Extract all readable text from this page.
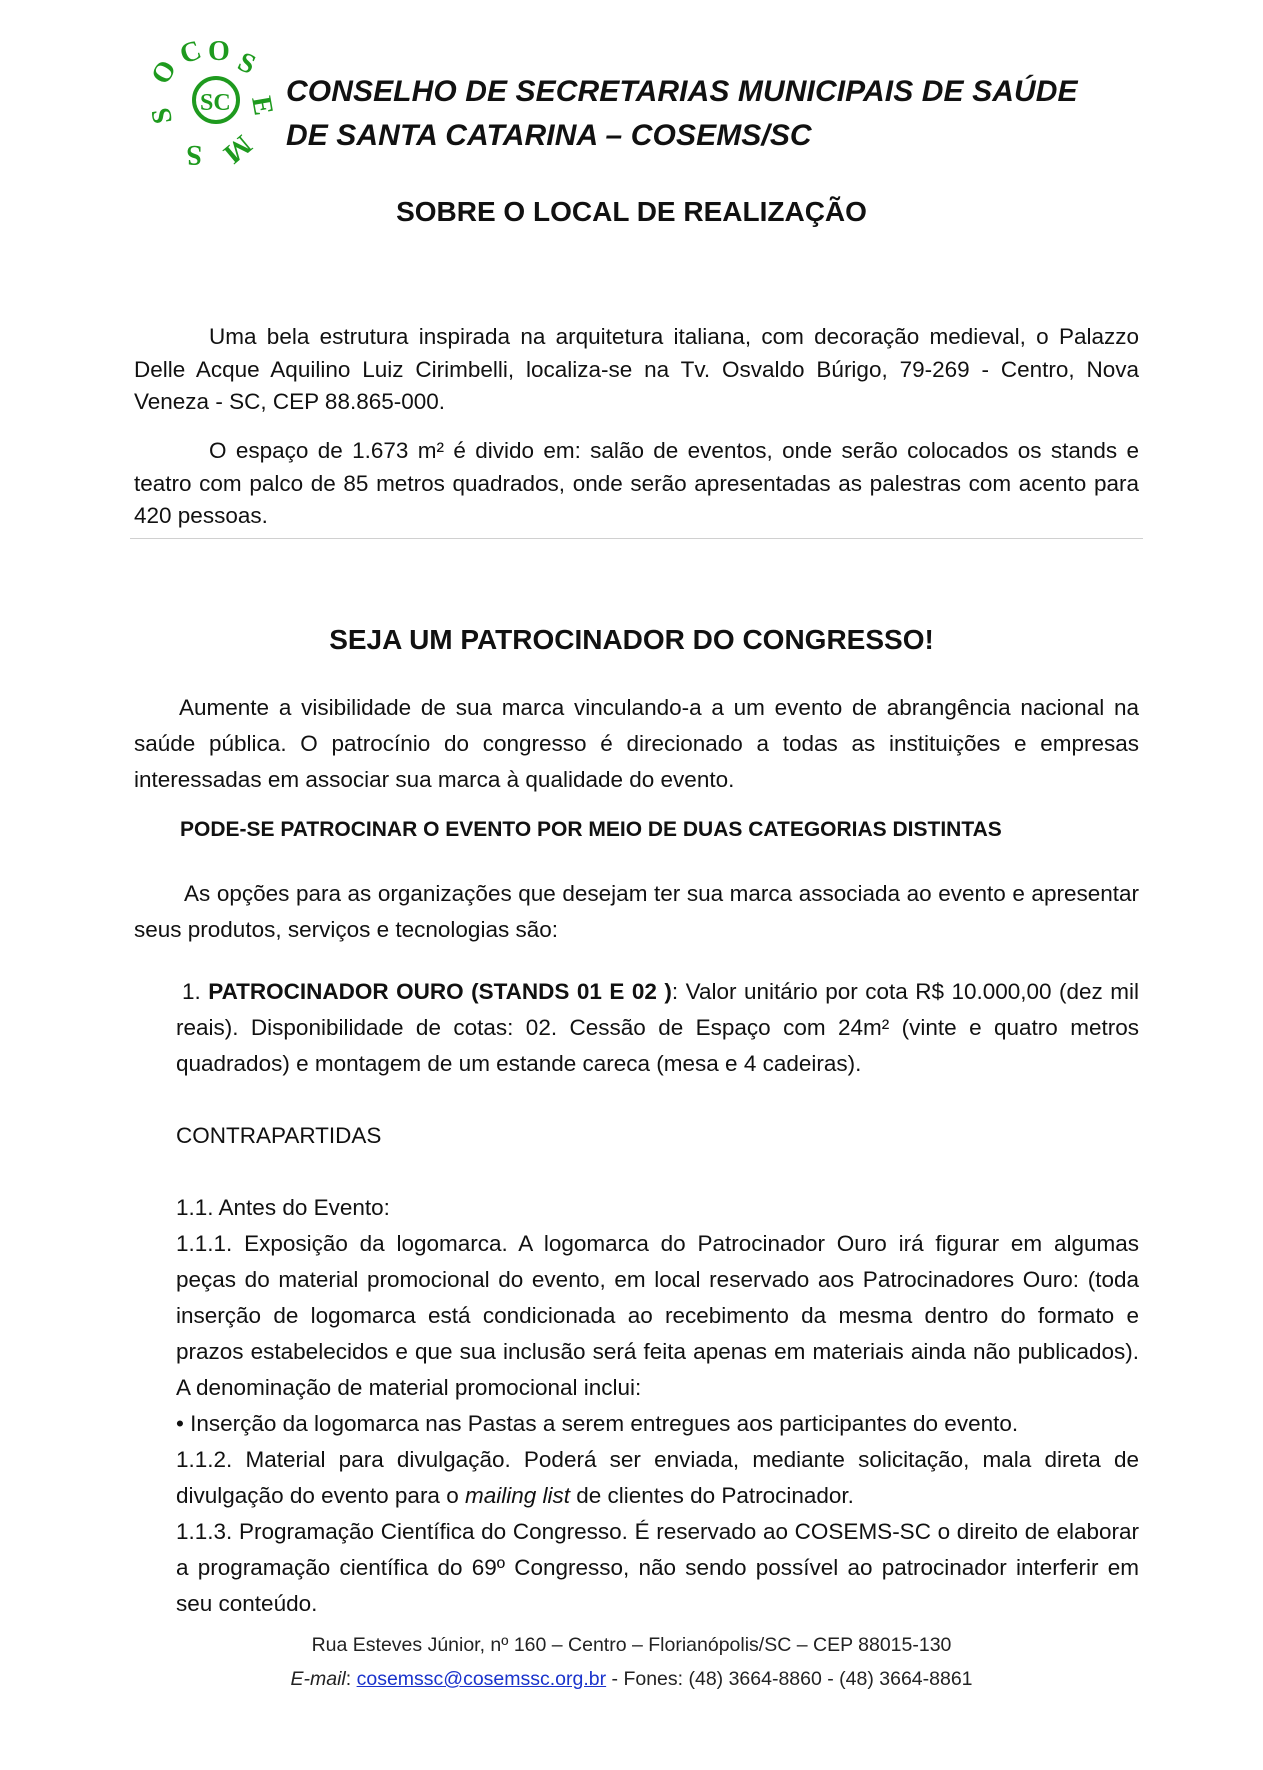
C O S
E
M
S
S
O
SC CONSELHO DE SECRETARIAS MUNICIPAIS DE SAÚDE
DE SANTA CATARINA – COSEMS/SC
SOBRE O LOCAL DE REALIZAÇÃO
Uma bela estrutura inspirada na arquitetura italiana, com decoração medieval, o Palazzo Delle Acque Aquilino Luiz Cirimbelli, localiza-se na Tv. Osvaldo Búrigo, 79-269 - Centro, Nova Veneza - SC, CEP 88.865-000.
O espaço de 1.673 m² é divido em: salão de eventos, onde serão colocados os stands e teatro com palco de 85 metros quadrados, onde serão apresentadas as palestras com acento para 420 pessoas.
SEJA UM PATROCINADOR DO CONGRESSO!
Aumente a visibilidade de sua marca vinculando-a a um evento de abrangência nacional na saúde pública. O patrocínio do congresso é direcionado a todas as instituições e empresas interessadas em associar sua marca à qualidade do evento.
PODE-SE PATROCINAR O EVENTO POR MEIO DE DUAS CATEGORIAS DISTINTAS
As opções para as organizações que desejam ter sua marca associada ao evento e apresentar seus produtos, serviços e tecnologias são:
1. PATROCINADOR OURO (STANDS 01 E 02 ): Valor unitário por cota R$ 10.000,00 (dez mil reais). Disponibilidade de cotas: 02. Cessão de Espaço com 24m² (vinte e quatro metros quadrados) e montagem de um estande careca (mesa e 4 cadeiras).
CONTRAPARTIDAS
1.1. Antes do Evento:
1.1.1. Exposição da logomarca. A logomarca do Patrocinador Ouro irá figurar em algumas peças do material promocional do evento, em local reservado aos Patrocinadores Ouro: (toda inserção de logomarca está condicionada ao recebimento da mesma dentro do formato e prazos estabelecidos e que sua inclusão será feita apenas em materiais ainda não publicados). A denominação de material promocional inclui:
• Inserção da logomarca nas Pastas a serem entregues aos participantes do evento.
1.1.2. Material para divulgação. Poderá ser enviada, mediante solicitação, mala direta de divulgação do evento para o mailing list de clientes do Patrocinador.
1.1.3. Programação Científica do Congresso. É reservado ao COSEMS-SC o direito de elaborar a programação científica do 69º Congresso, não sendo possível ao patrocinador interferir em seu conteúdo.
Rua Esteves Júnior, nº 160 – Centro – Florianópolis/SC – CEP 88015-130
E-mail: cosemssc@cosemssc.org.br - Fones: (48) 3664-8860 - (48) 3664-8861
